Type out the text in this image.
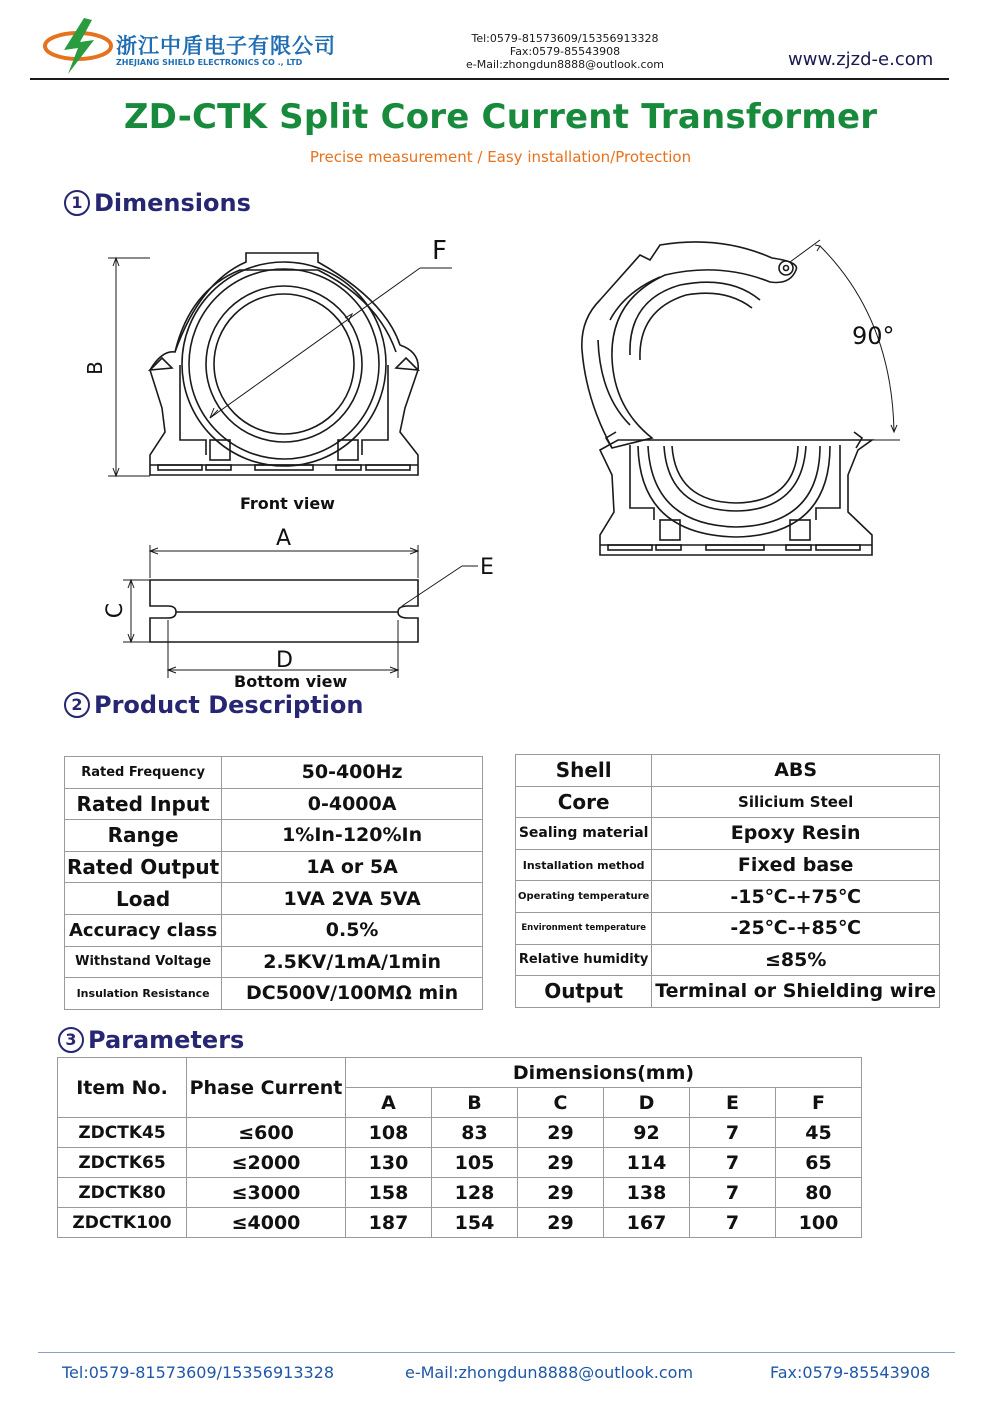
浙江中盾电子有限公司
ZHEJIANG SHIELD ELECTRONICS CO ., LTD
Tel:0579-81573609/15356913328
Fax:0579-85543908
e-Mail:zhongdun8888@outlook.com	www.zjzd-e.com
ZD-CTK Split Core Current Transformer
Precise measurement / Easy installation/Protection
1 Dimensions
B
F
Front view
A
C
E
D
Bottom view
90°
2 Product Description
Rated Frequency	50-400Hz
Rated Input	0-4000A
Range	1%In-120%In
Rated Output	1A or 5A
Load	1VA 2VA 5VA
Accuracy class	0.5%
Withstand Voltage	2.5KV/1mA/1min
Insulation Resistance	DC500V/100MΩ min
Shell	ABS
Core	Silicium Steel
Sealing material	Epoxy Resin
Installation method	Fixed base
Operating temperature	-15℃-+75℃
Environment temperature	-25℃-+85℃
Relative humidity	≤85%
Output	Terminal or Shielding wire
3 Parameters
Item No.	Phase Current	Dimensions(mm)					
		A	B	C	D	E	F
ZDCTK45	≤600	108	83	29	92	7	45
ZDCTK65	≤2000	130	105	29	114	7	65
ZDCTK80	≤3000	158	128	29	138	7	80
ZDCTK100	≤4000	187	154	29	167	7	100
Tel:0579-81573609/15356913328	e-Mail:zhongdun8888@outlook.com	Fax:0579-85543908
